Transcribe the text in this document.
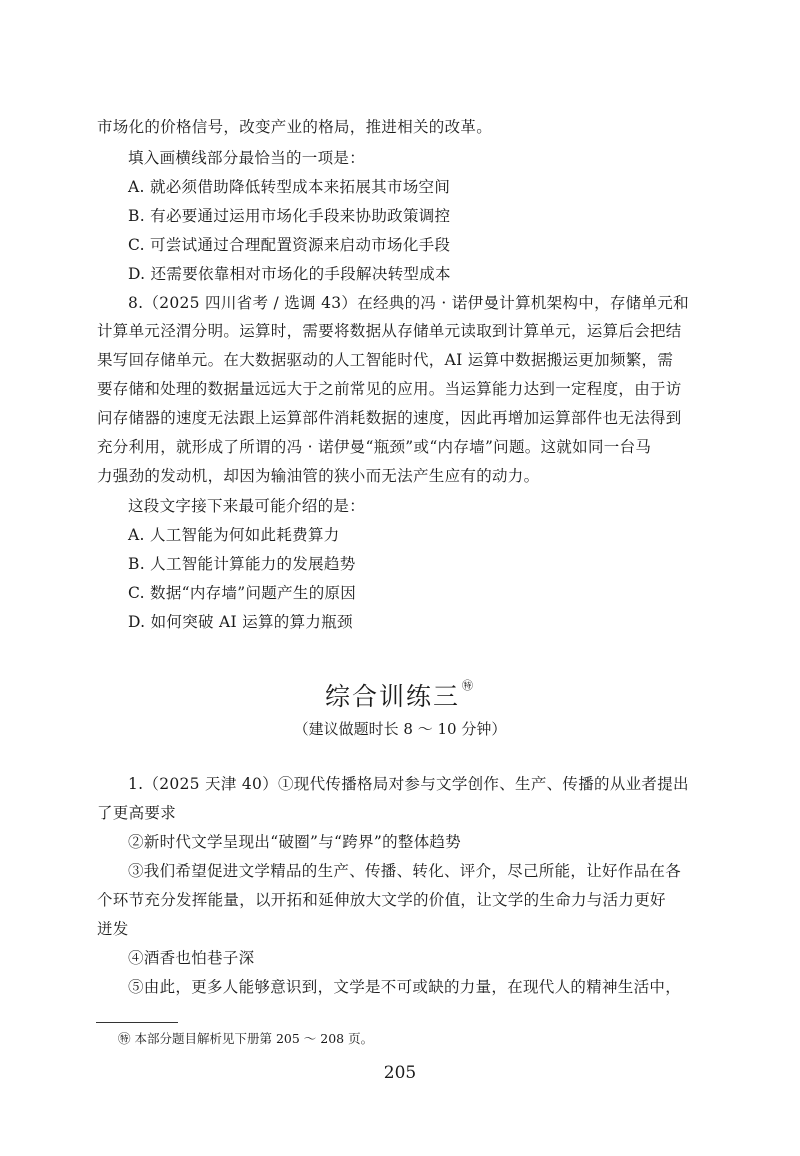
市场化的价格信号，改变产业的格局，推进相关的改革。
填入画横线部分最恰当的一项是：
A. 就必须借助降低转型成本来拓展其市场空间
B. 有必要通过运用市场化手段来协助政策调控
C. 可尝试通过合理配置资源来启动市场化手段
D. 还需要依靠相对市场化的手段解决转型成本
8.（2025 四川省考 / 选调 43）在经典的冯 · 诺伊曼计算机架构中，存储单元和
计算单元泾渭分明。运算时，需要将数据从存储单元读取到计算单元，运算后会把结
果写回存储单元。在大数据驱动的人工智能时代，AI 运算中数据搬运更加频繁，需
要存储和处理的数据量远远大于之前常见的应用。当运算能力达到一定程度，由于访
问存储器的速度无法跟上运算部件消耗数据的速度，因此再增加运算部件也无法得到
充分利用，就形成了所谓的冯 · 诺伊曼“瓶颈”或“内存墙”问题。这就如同一台马
力强劲的发动机，却因为输油管的狭小而无法产生应有的动力。
这段文字接下来最可能介绍的是：
A. 人工智能为何如此耗费算力
B. 人工智能计算能力的发展趋势
C. 数据“内存墙”问题产生的原因
D. 如何突破 AI 运算的算力瓶颈
综合训练三 ㊕
（建议做题时长 8 ～ 10 分钟）
1.（2025 天津 40）①现代传播格局对参与文学创作、生产、传播的从业者提出
了更高要求
②新时代文学呈现出“破圈”与“跨界”的整体趋势
③我们希望促进文学精品的生产、传播、转化、评介，尽己所能，让好作品在各
个环节充分发挥能量，以开拓和延伸放大文学的价值，让文学的生命力与活力更好
迸发
④酒香也怕巷子深
⑤由此，更多人能够意识到，文学是不可或缺的力量，在现代人的精神生活中，
㊕ 本部分题目解析见下册第 205 ～ 208 页。
205
